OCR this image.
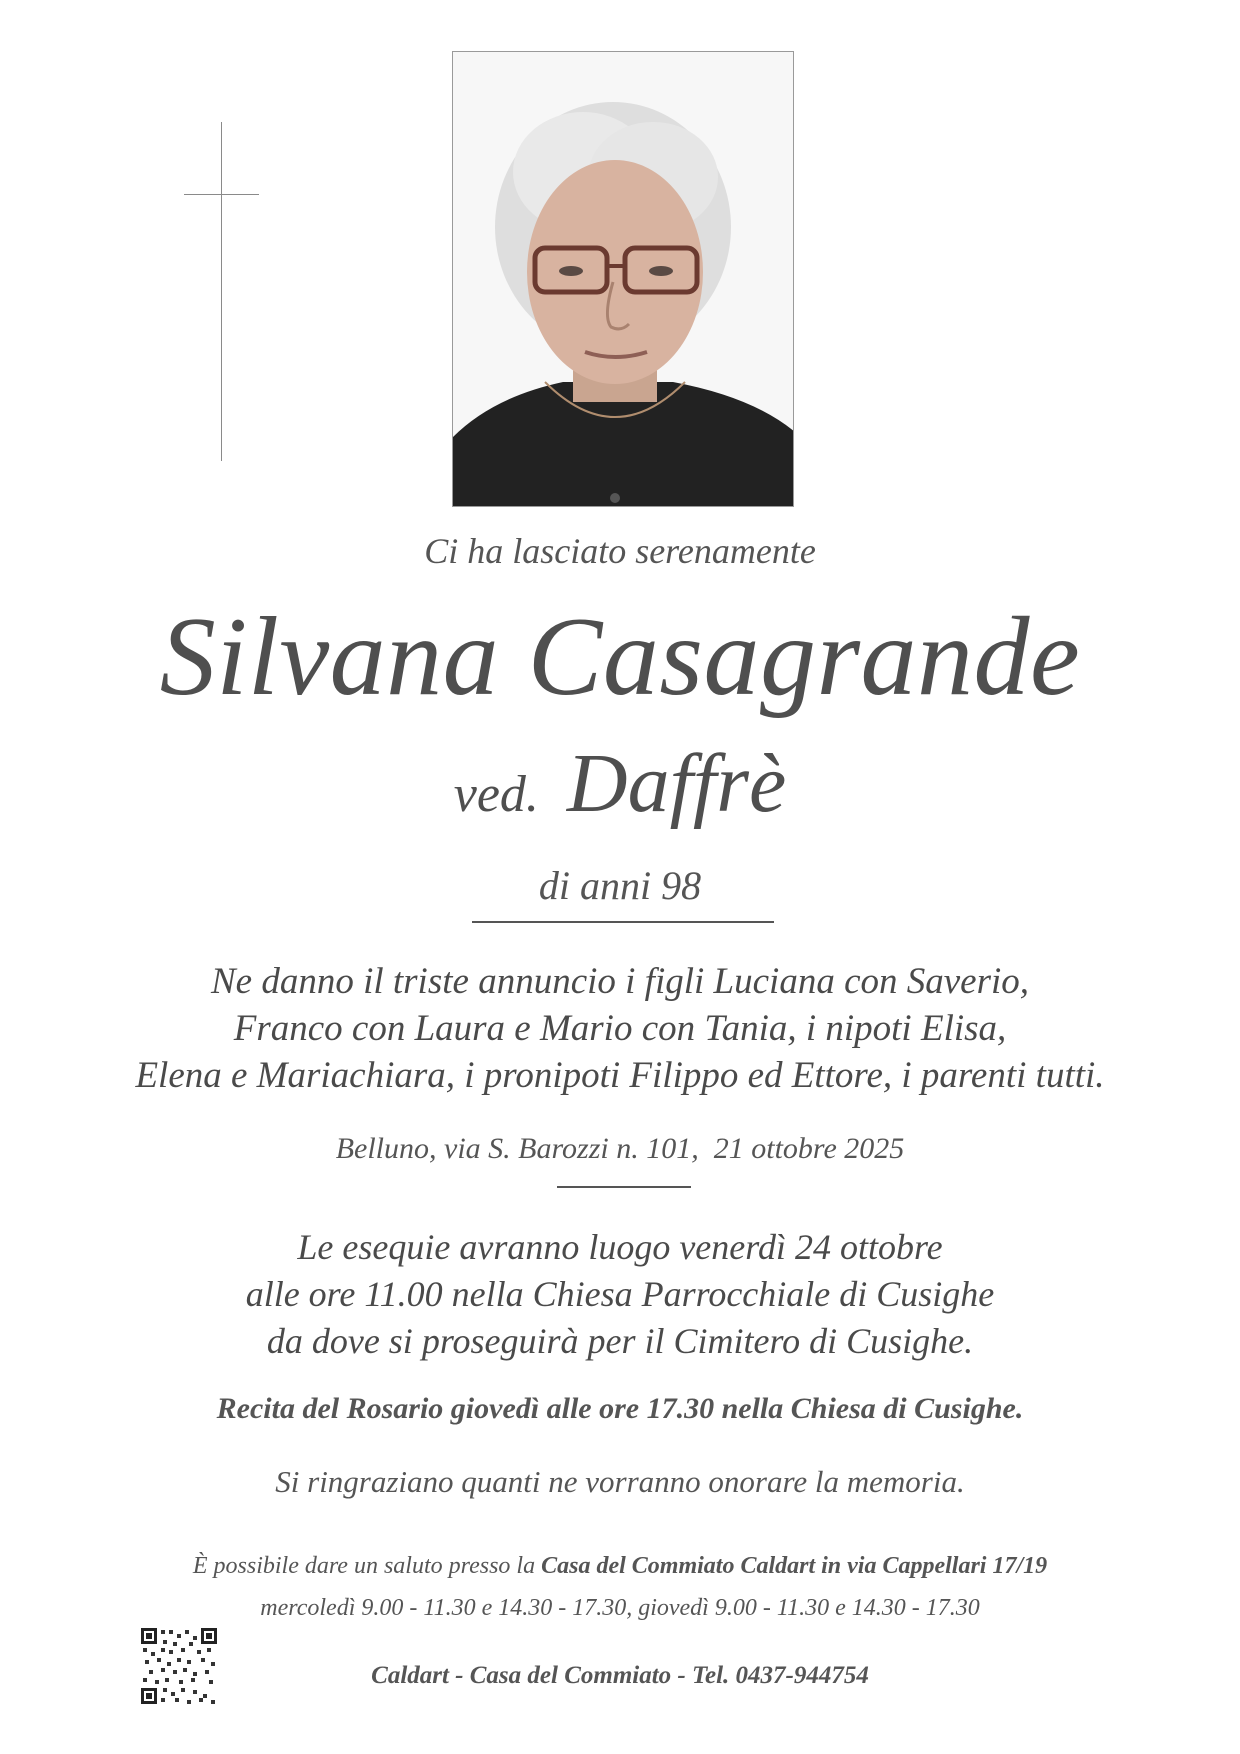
Ci ha lasciato serenamente
Silvana Casagrande
ved. Daffrè
di anni 98
Ne danno il triste annuncio i figli Luciana con Saverio,
Franco con Laura e Mario con Tania, i nipoti Elisa,
Elena e Mariachiara, i pronipoti Filippo ed Ettore, i parenti tutti.
Belluno, via S. Barozzi n. 101,  21 ottobre 2025
Le esequie avranno luogo venerdì 24 ottobre
alle ore 11.00 nella Chiesa Parrocchiale di Cusighe
da dove si proseguirà per il Cimitero di Cusighe.
Recita del Rosario giovedì alle ore 17.30 nella Chiesa di Cusighe.
Si ringraziano quanti ne vorranno onorare la memoria.
È possibile dare un saluto presso la Casa del Commiato Caldart in via Cappellari 17/19
mercoledì 9.00 - 11.30 e 14.30 - 17.30, giovedì 9.00 - 11.30 e 14.30 - 17.30
Caldart - Casa del Commiato - Tel. 0437-944754
